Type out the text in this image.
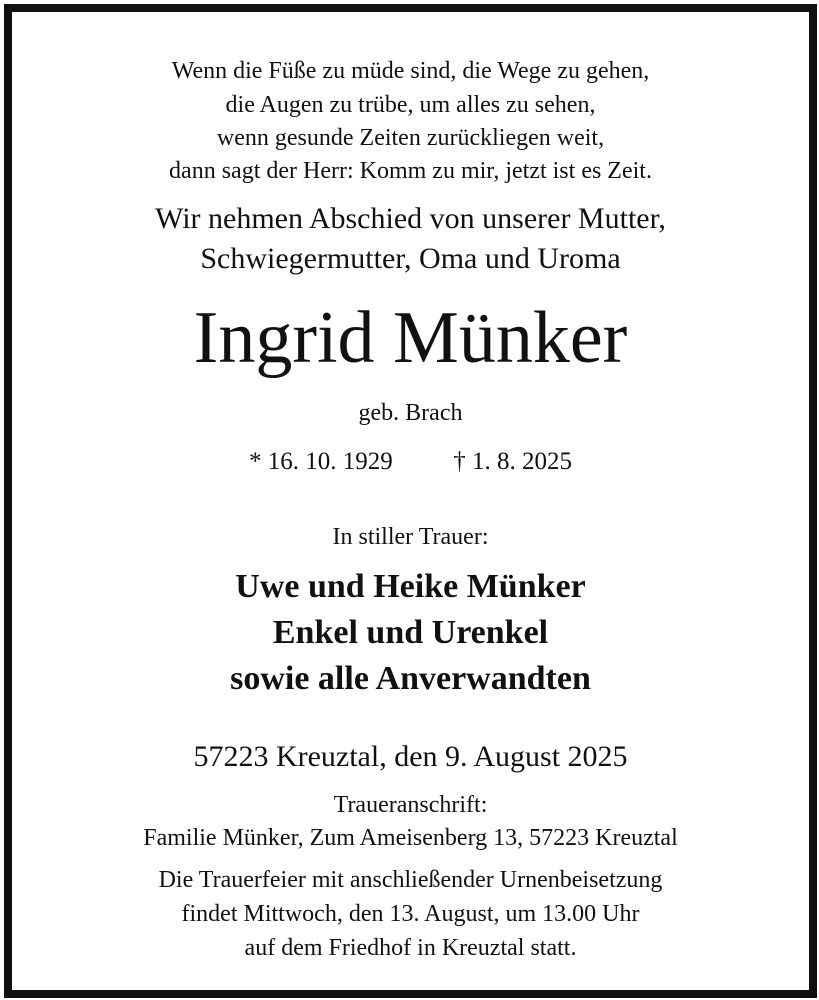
Wenn die Füße zu müde sind, die Wege zu gehen,
die Augen zu trübe, um alles zu sehen,
wenn gesunde Zeiten zurückliegen weit,
dann sagt der Herr: Komm zu mir, jetzt ist es Zeit.
Wir nehmen Abschied von unserer Mutter,
Schwiegermutter, Oma und Uroma
Ingrid Münker
geb. Brach
* 16. 10. 1929 † 1. 8. 2025
In stiller Trauer:
Uwe und Heike Münker
Enkel und Urenkel
sowie alle Anverwandten
57223 Kreuztal, den 9. August 2025
Traueranschrift:
Familie Münker, Zum Ameisenberg 13, 57223 Kreuztal
Die Trauerfeier mit anschließender Urnenbeisetzung
findet Mittwoch, den 13. August, um 13.00 Uhr
auf dem Friedhof in Kreuztal statt.
